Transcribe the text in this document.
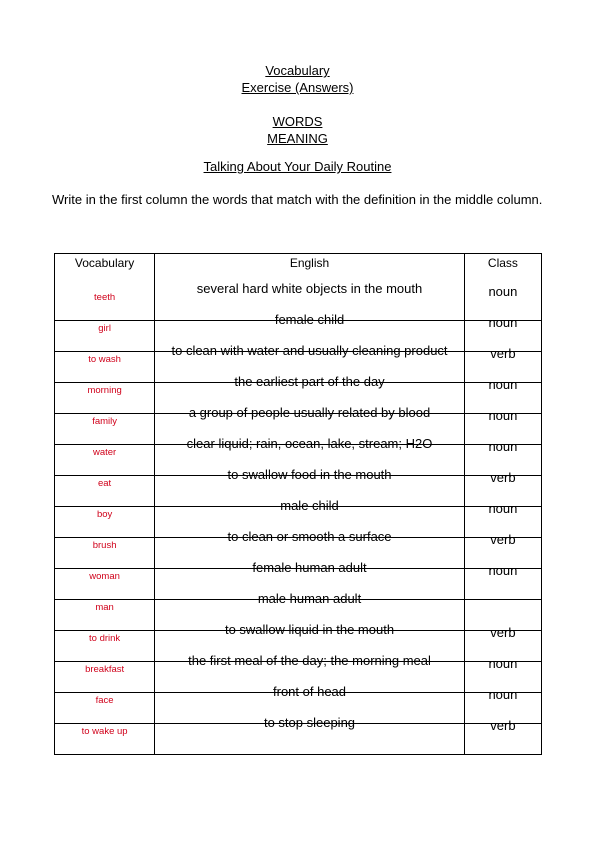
Vocabulary
Exercise (Answers)
WORDS
MEANING
Talking About Your Daily Routine
Write in the first column the words that match with the definition in the middle column.
Vocabulary	English	Class

teeth	several hard white objects in the mouth	noun

girl	female child	noun

to wash	to clean with water and usually cleaning product	verb

morning	the earliest part of the day	noun

family	a group of people usually related by blood	noun

water	clear liquid; rain, ocean, lake, stream; H2O	noun

eat	to swallow food in the mouth	verb

boy	male child	noun

brush	to clean or smooth a surface	verb

woman	female human adult	noun

man	male human adult	

to drink	to swallow liquid in the mouth	verb

breakfast	the first meal of the day; the morning meal	noun

face	front of head	noun

to wake up	to stop sleeping	verb
